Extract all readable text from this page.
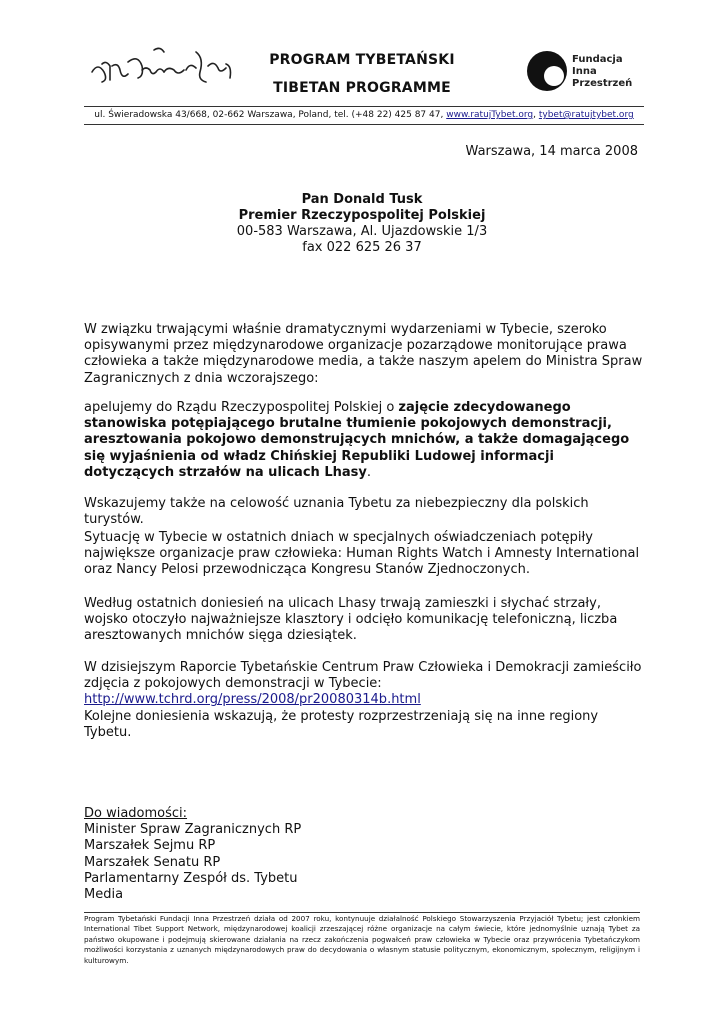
PROGRAM TYBETAŃSKI
TIBETAN PROGRAMME
Fundacja
Inna
Przestrzeń
ul. Świeradowska 43/668, 02-662 Warszawa, Poland, tel. (+48 22) 425 87 47, www.ratujTybet.org, tybet@ratujtybet.org
Warszawa, 14 marca 2008
Pan Donald Tusk
Premier Rzeczypospolitej Polskiej
00-583 Warszawa, Al. Ujazdowskie 1/3
fax 022 625 26 37
W związku trwającymi właśnie dramatycznymi wydarzeniami w Tybecie, szeroko opisywanymi przez międzynarodowe organizacje pozarządowe monitorujące prawa człowieka a także międzynarodowe media, a także naszym apelem do Ministra Spraw Zagranicznych z dnia wczorajszego:
apelujemy do Rządu Rzeczypospolitej Polskiej o zajęcie zdecydowanego stanowiska potępiającego brutalne tłumienie pokojowych demonstracji, aresztowania pokojowo demonstrujących mnichów, a także domagającego się wyjaśnienia od władz Chińskiej Republiki Ludowej informacji dotyczących strzałów na ulicach Lhasy.
Wskazujemy także na celowość uznania Tybetu za niebezpieczny dla polskich turystów.
Sytuację w Tybecie w ostatnich dniach w specjalnych oświadczeniach potępiły największe organizacje praw człowieka: Human Rights Watch i Amnesty International oraz Nancy Pelosi przewodnicząca Kongresu Stanów Zjednoczonych.
Według ostatnich doniesień na ulicach Lhasy trwają zamieszki i słychać strzały, wojsko otoczyło najważniejsze klasztory i odcięło komunikację telefoniczną, liczba aresztowanych mnichów sięga dziesiątek.
W dzisiejszym Raporcie Tybetańskie Centrum Praw Człowieka i Demokracji zamieściło zdjęcia z pokojowych demonstracji w Tybecie:  http://www.tchrd.org/press/2008/pr20080314b.html
Kolejne doniesienia wskazują, że protesty rozprzestrzeniają się na inne regiony Tybetu.
Do wiadomości:
Minister Spraw Zagranicznych RP
Marszałek Sejmu RP
Marszałek Senatu RP
Parlamentarny Zespół ds. Tybetu
Media
Program Tybetański Fundacji Inna Przestrzeń działa od 2007 roku, kontynuuje działalność Polskiego Stowarzyszenia Przyjaciół Tybetu; jest członkiem International Tibet Support Network, międzynarodowej koalicji zrzeszającej różne organizacje na całym świecie, które jednomyślnie uznają Tybet za państwo okupowane i podejmują skierowane działania na rzecz zakończenia pogwałceń praw człowieka w Tybecie oraz przywrócenia Tybetańczykom możliwości korzystania z uznanych międzynarodowych praw do decydowania o własnym statusie politycznym, ekonomicznym, społecznym, religijnym i kulturowym.
